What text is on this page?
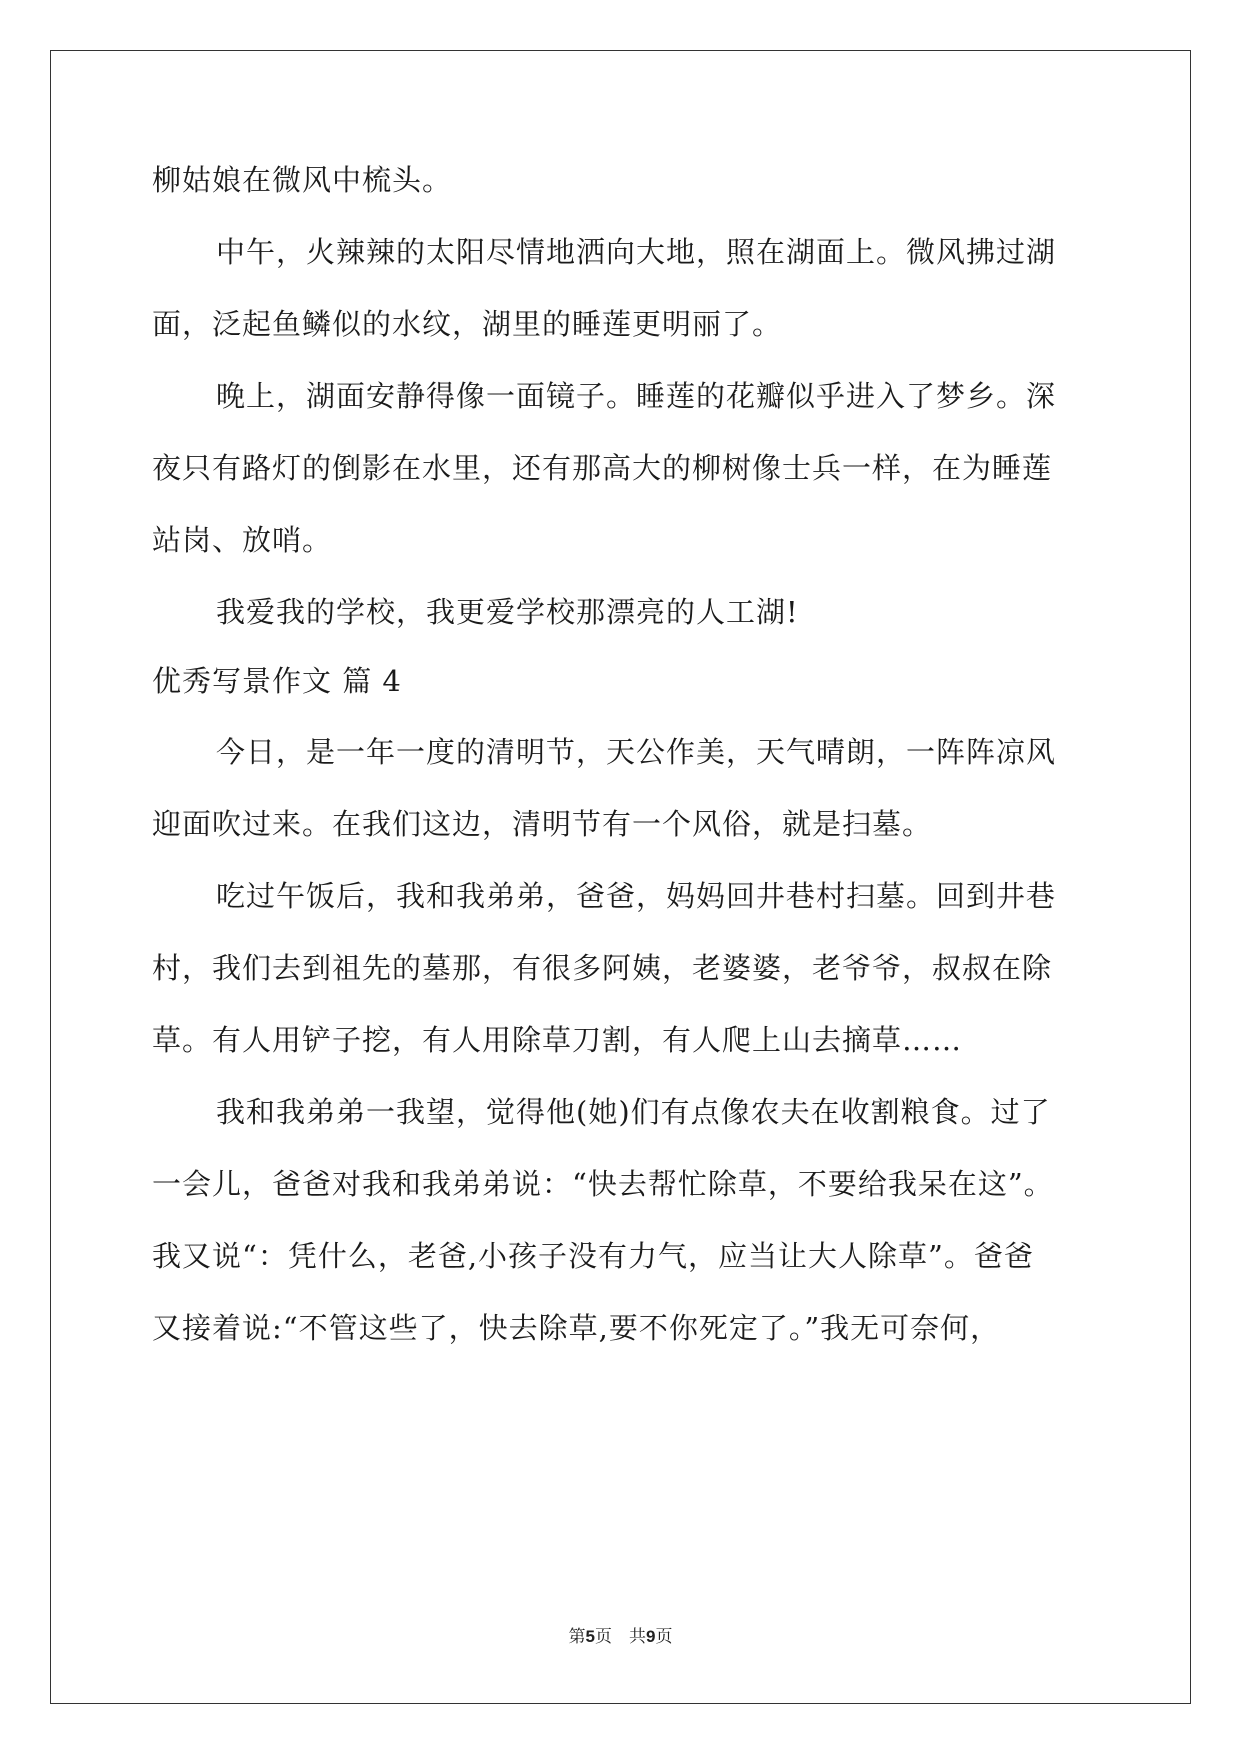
柳姑娘在微风中梳头。
中午，火辣辣的太阳尽情地洒向大地，照在湖面上。微风拂过湖
面，泛起鱼鳞似的水纹，湖里的睡莲更明丽了。
晚上，湖面安静得像一面镜子。睡莲的花瓣似乎进入了梦乡。深
夜只有路灯的倒影在水里，还有那高大的柳树像士兵一样，在为睡莲
站岗、放哨。
我爱我的学校，我更爱学校那漂亮的人工湖!
优秀写景作文 篇 4
今日，是一年一度的清明节，天公作美，天气晴朗，一阵阵凉风
迎面吹过来。在我们这边，清明节有一个风俗，就是扫墓。
吃过午饭后，我和我弟弟，爸爸，妈妈回井巷村扫墓。回到井巷
村，我们去到祖先的墓那，有很多阿姨，老婆婆，老爷爷，叔叔在除
草。有人用铲子挖，有人用除草刀割，有人爬上山去摘草……
我和我弟弟一我望，觉得他(她)们有点像农夫在收割粮食。过了
一会儿，爸爸对我和我弟弟说：“快去帮忙除草，不要给我呆在这”。
我又说“：凭什么，老爸,小孩子没有力气，应当让大人除草”。爸爸
又接着说:“不管这些了，快去除草,要不你死定了。”我无可奈何，
第5页　共9页
